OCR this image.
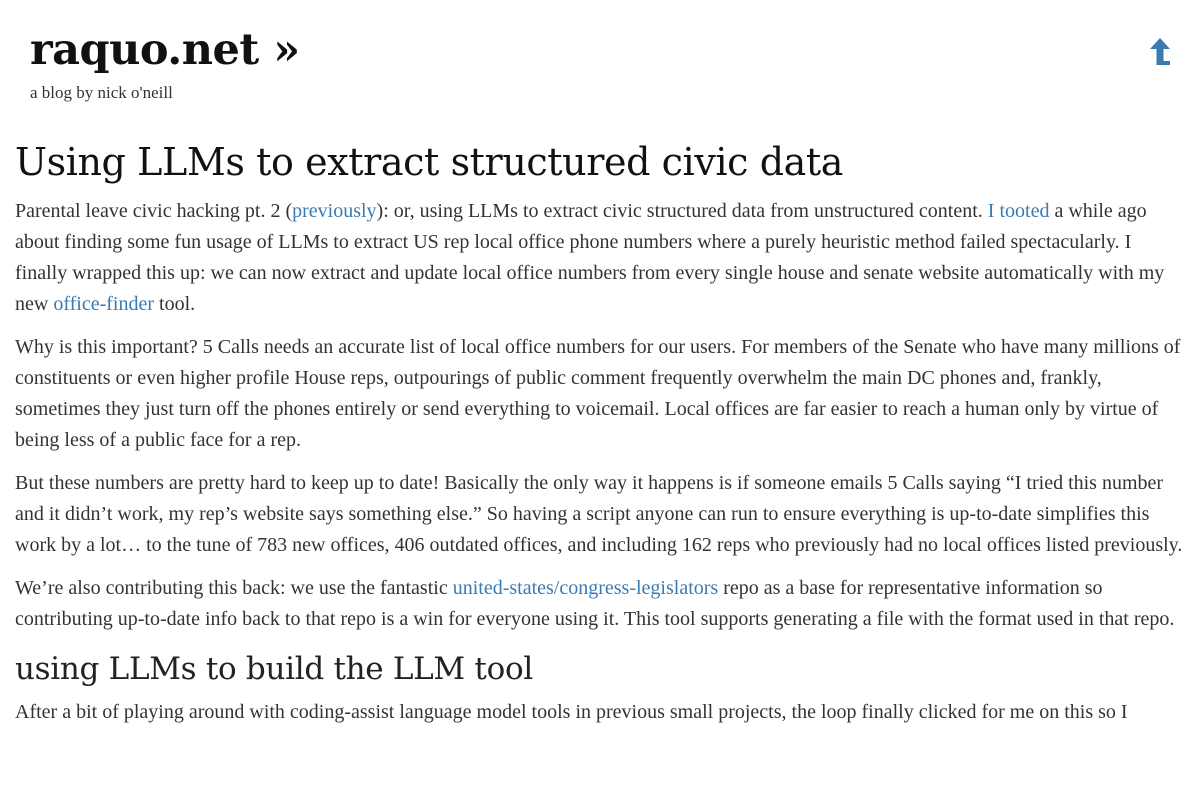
raquo.net »
a blog by nick o'neill
Using LLMs to extract structured civic data

Parental leave civic hacking pt. 2 (previously): or, using LLMs to extract civic structured data from unstructured content. I tooted a while ago about finding some fun usage of LLMs to extract US rep local office phone numbers where a purely heuristic method failed spectacularly. I finally wrapped this up: we can now extract and update local office numbers from every single house and senate website automatically with my new office-finder tool.

Why is this important? 5 Calls needs an accurate list of local office numbers for our users. For members of the Senate who have many millions of constituents or even higher profile House reps, outpourings of public comment frequently overwhelm the main DC phones and, frankly, sometimes they just turn off the phones entirely or send everything to voicemail. Local offices are far easier to reach a human only by virtue of being less of a public face for a rep.

But these numbers are pretty hard to keep up to date! Basically the only way it happens is if someone emails 5 Calls saying “I tried this number and it didn’t work, my rep’s website says something else.” So having a script anyone can run to ensure everything is up-to-date simplifies this work by a lot… to the tune of 783 new offices, 406 outdated offices, and including 162 reps who previously had no local offices listed previously.

We’re also contributing this back: we use the fantastic united-states/congress-legislators repo as a base for representative information so contributing up-to-date info back to that repo is a win for everyone using it. This tool supports generating a file with the format used in that repo.

using LLMs to build the LLM tool

After a bit of playing around with coding-assist language model tools in previous small projects, the loop finally clicked for me on this so I
